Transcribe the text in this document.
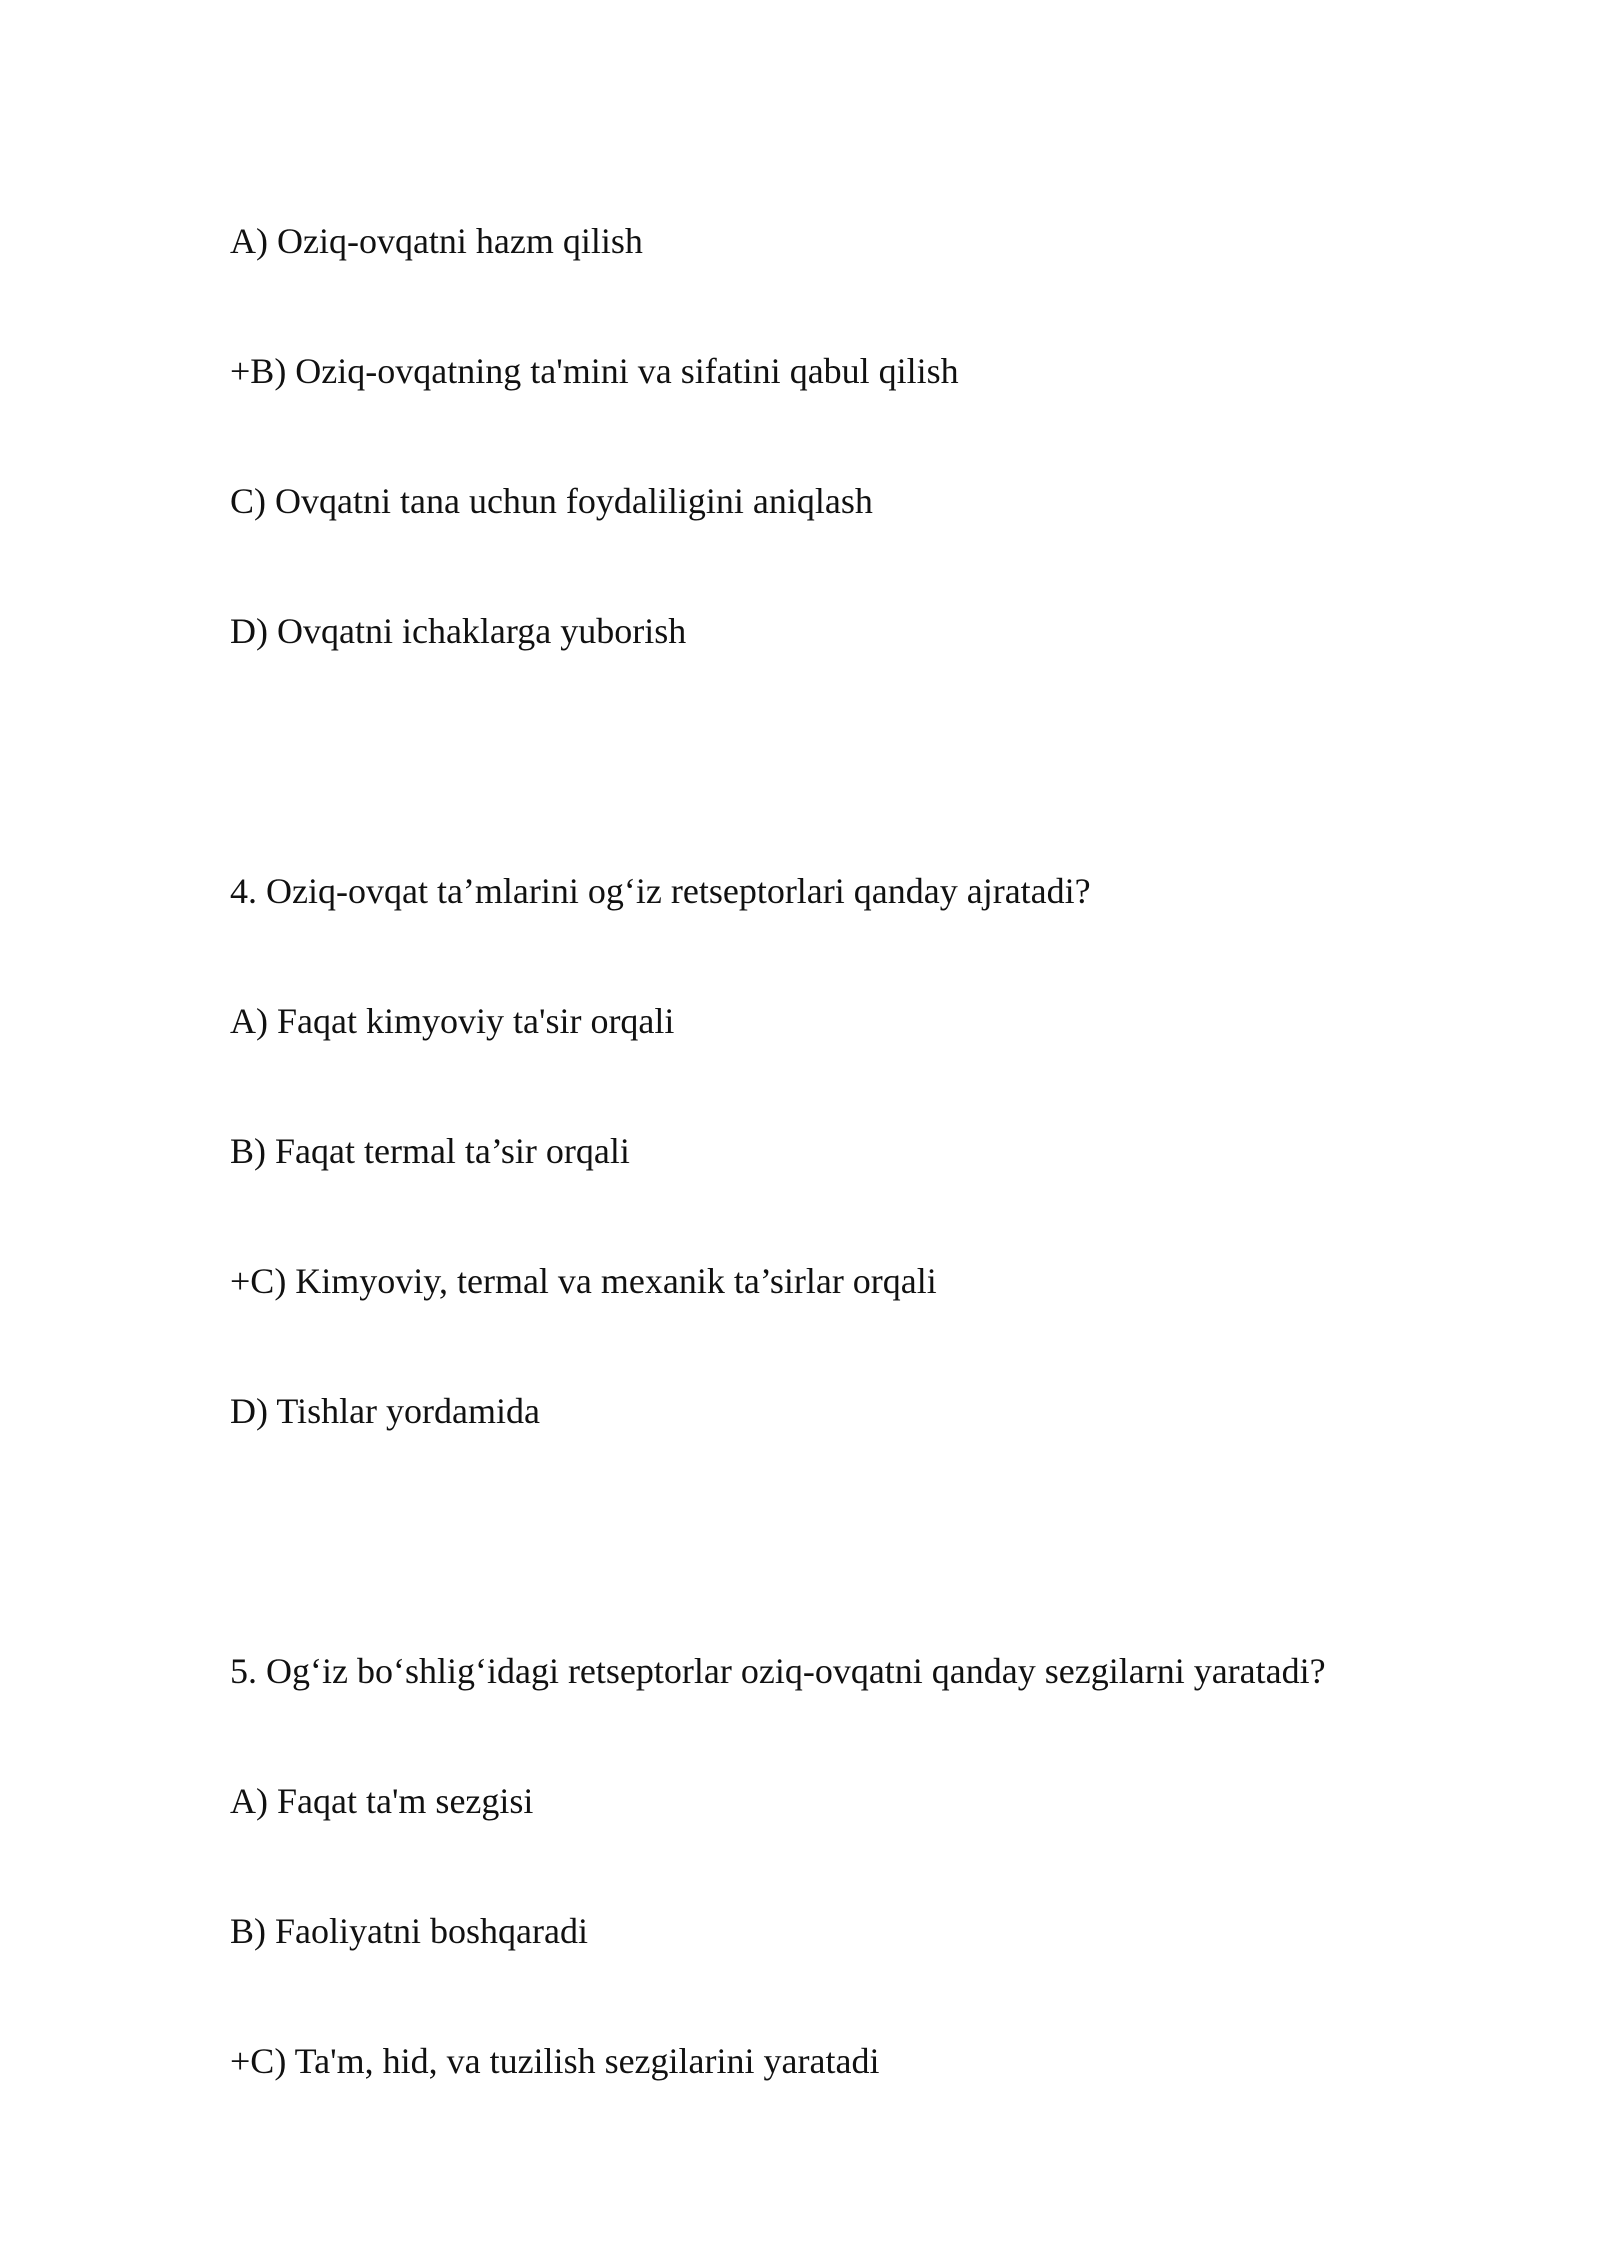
A) Oziq-ovqatni hazm qilish
+B) Oziq-ovqatning ta'mini va sifatini qabul qilish
C) Ovqatni tana uchun foydaliligini aniqlash
D) Ovqatni ichaklarga yuborish
4. Oziq-ovqat ta’mlarini og‘iz retseptorlari qanday ajratadi?
A) Faqat kimyoviy ta'sir orqali
B) Faqat termal ta’sir orqali
+C) Kimyoviy, termal va mexanik ta’sirlar orqali
D) Tishlar yordamida
5. Og‘iz bo‘shlig‘idagi retseptorlar oziq-ovqatni qanday sezgilarni yaratadi?
A) Faqat ta'm sezgisi
B) Faoliyatni boshqaradi
+C) Ta'm, hid, va tuzilish sezgilarini yaratadi
